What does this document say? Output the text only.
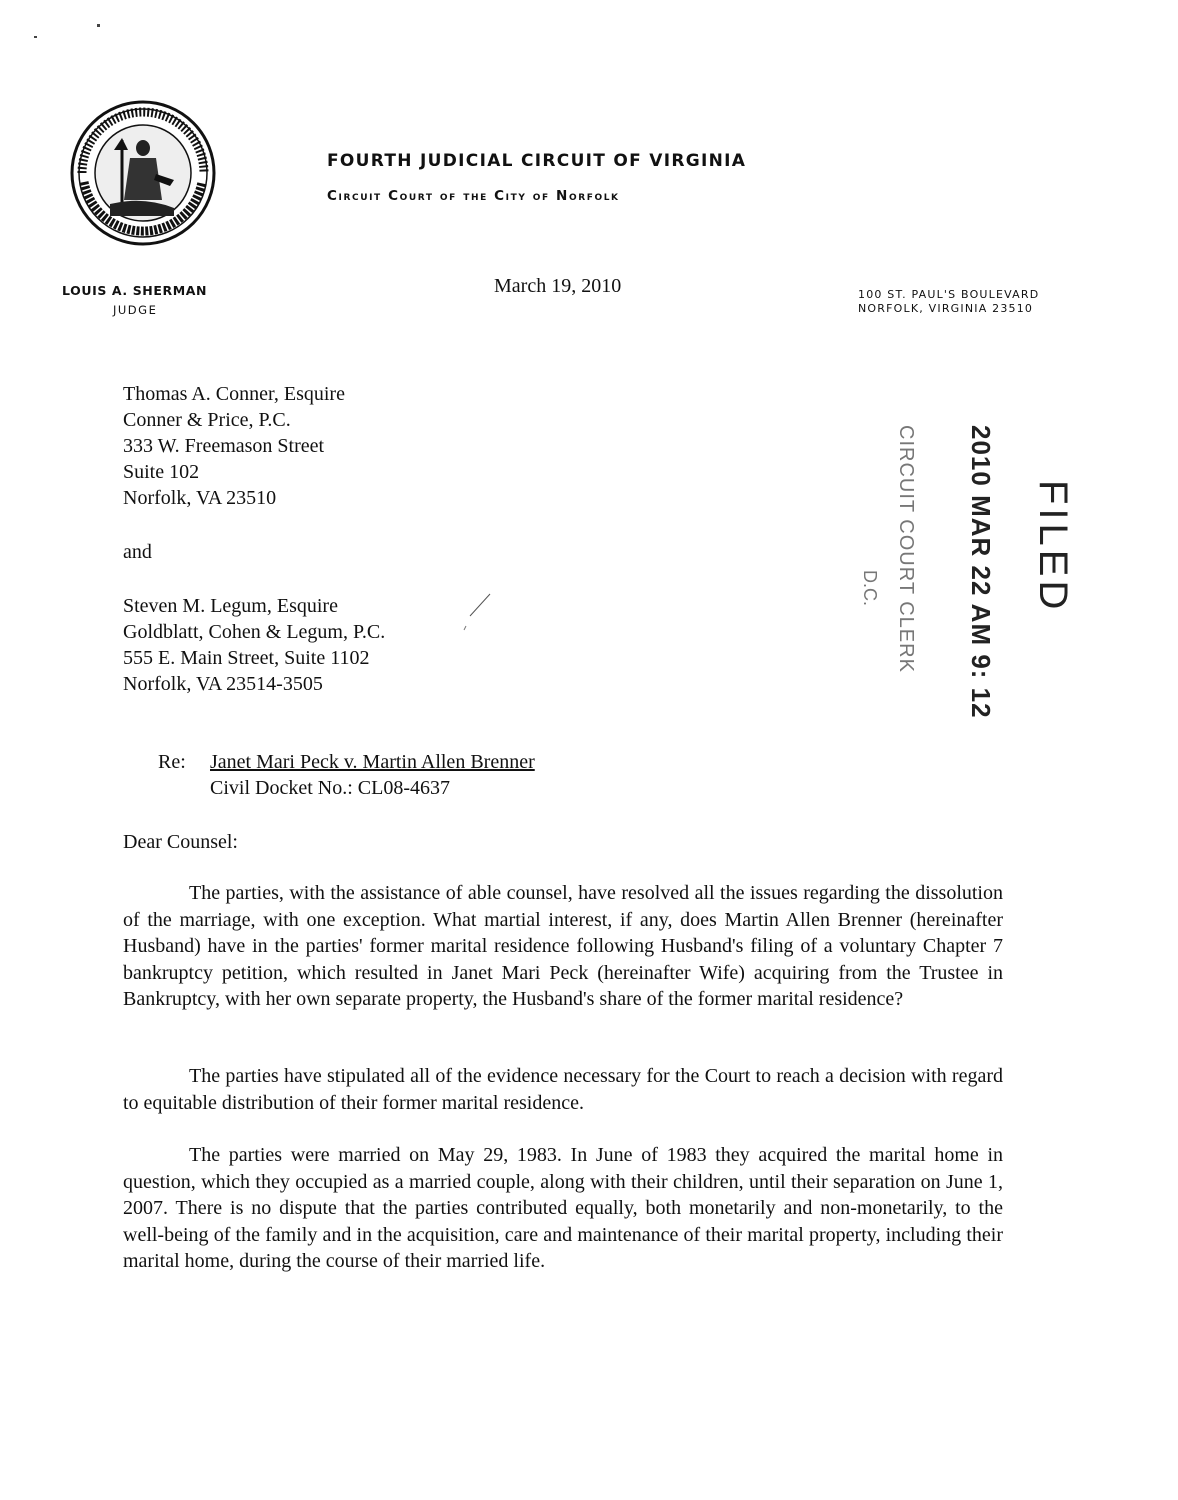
FOURTH JUDICIAL CIRCUIT OF VIRGINIA
Circuit Court of the City of Norfolk
LOUIS A. SHERMAN
JUDGE
March 19, 2010	100 ST. PAUL'S BOULEVARD
NORFOLK, VIRGINIA 23510
Thomas A. Conner, Esquire
Conner & Price, P.C.
333 W. Freemason Street
Suite 102
Norfolk, VA 23510
and
Steven M. Legum, Esquire
Goldblatt, Cohen & Legum, P.C.
555 E. Main Street, Suite 1102
Norfolk, VA 23514-3505
Re: Janet Mari Peck v. Martin Allen Brenner
Civil Docket No.: CL08-4637
Dear Counsel:

The parties, with the assistance of able counsel, have resolved all the issues regarding the dissolution of the marriage, with one exception. What martial interest, if any, does Martin Allen Brenner (hereinafter Husband) have in the parties' former marital residence following Husband's filing of a voluntary Chapter 7 bankruptcy petition, which resulted in Janet Mari Peck (hereinafter Wife) acquiring from the Trustee in Bankruptcy, with her own separate property, the Husband's share of the former marital residence?

The parties have stipulated all of the evidence necessary for the Court to reach a decision with regard to equitable distribution of their former marital residence.

The parties were married on May 29, 1983. In June of 1983 they acquired the marital home in question, which they occupied as a married couple, along with their children, until their separation on June 1, 2007. There is no dispute that the parties contributed equally, both monetarily and non-monetarily, to the well-being of the family and in the acquisition, care and maintenance of their marital property, including their marital home, during the course of their married life.

FILED
2010 MAR 22 AM 9: 12
CIRCUIT COURT CLERK
D.C.
